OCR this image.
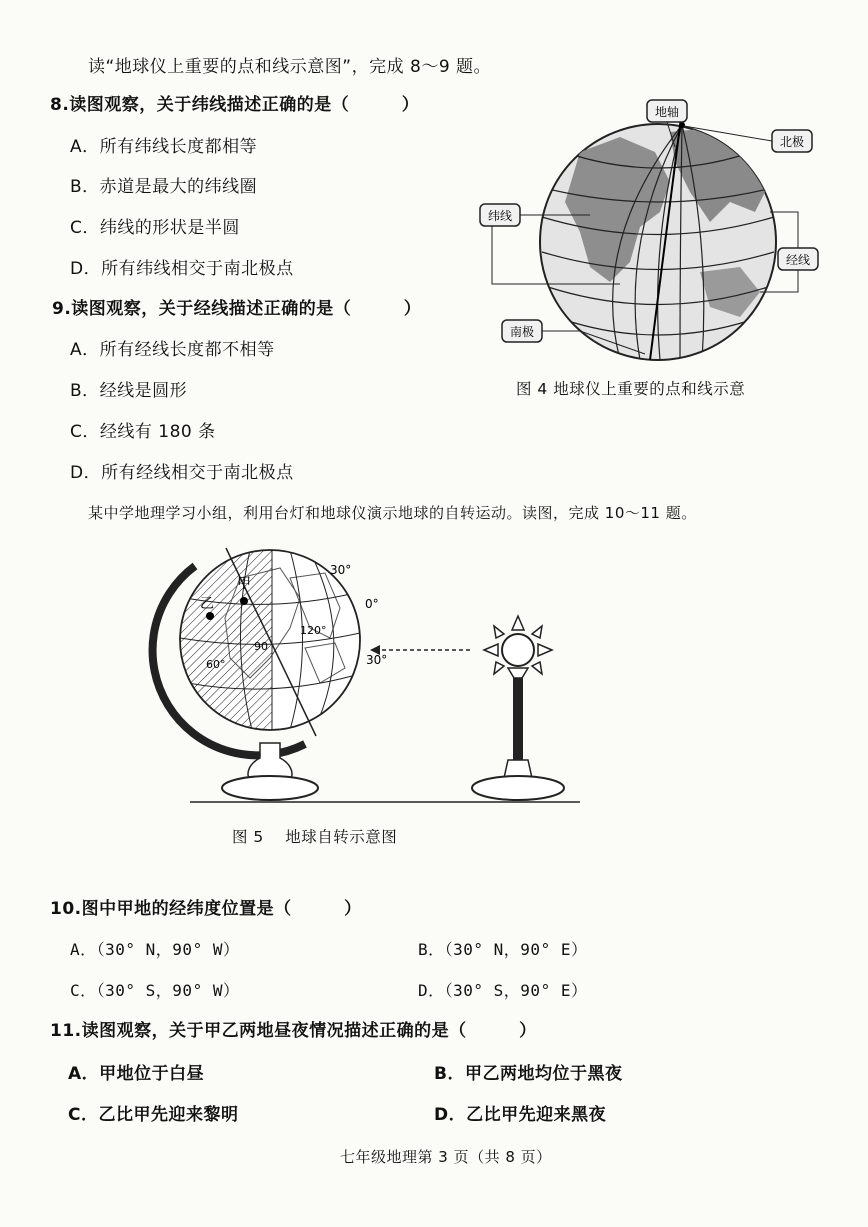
读“地球仪上重要的点和线示意图”，完成 8～9 题。
8.读图观察，关于纬线描述正确的是（　　　）
A．所有纬线长度都相等
B．赤道是最大的纬线圈
C．纬线的形状是半圆
D．所有纬线相交于南北极点
9.读图观察，关于经线描述正确的是（　　　）
A．所有经线长度都不相等
B．经线是圆形
C．经线有 180 条
D．所有经线相交于南北极点
地轴
北极
纬线
经线
南极
图 4 地球仪上重要的点和线示意
某中学地理学习小组，利用台灯和地球仪演示地球的自转运动。读图，完成 10～11 题。
甲
乙
30°
0°
30°
120°
90
60°
图 5　 地球自转示意图
10.图中甲地的经纬度位置是（　　　）
A．（30° N，90° W）	B．（30° N，90° E）
C．（30° S，90° W）	D．（30° S，90° E）
11.读图观察，关于甲乙两地昼夜情况描述正确的是（　　　）
A．甲地位于白昼	B．甲乙两地均位于黑夜
C．乙比甲先迎来黎明	D．乙比甲先迎来黑夜
七年级地理第 3 页（共 8 页）
